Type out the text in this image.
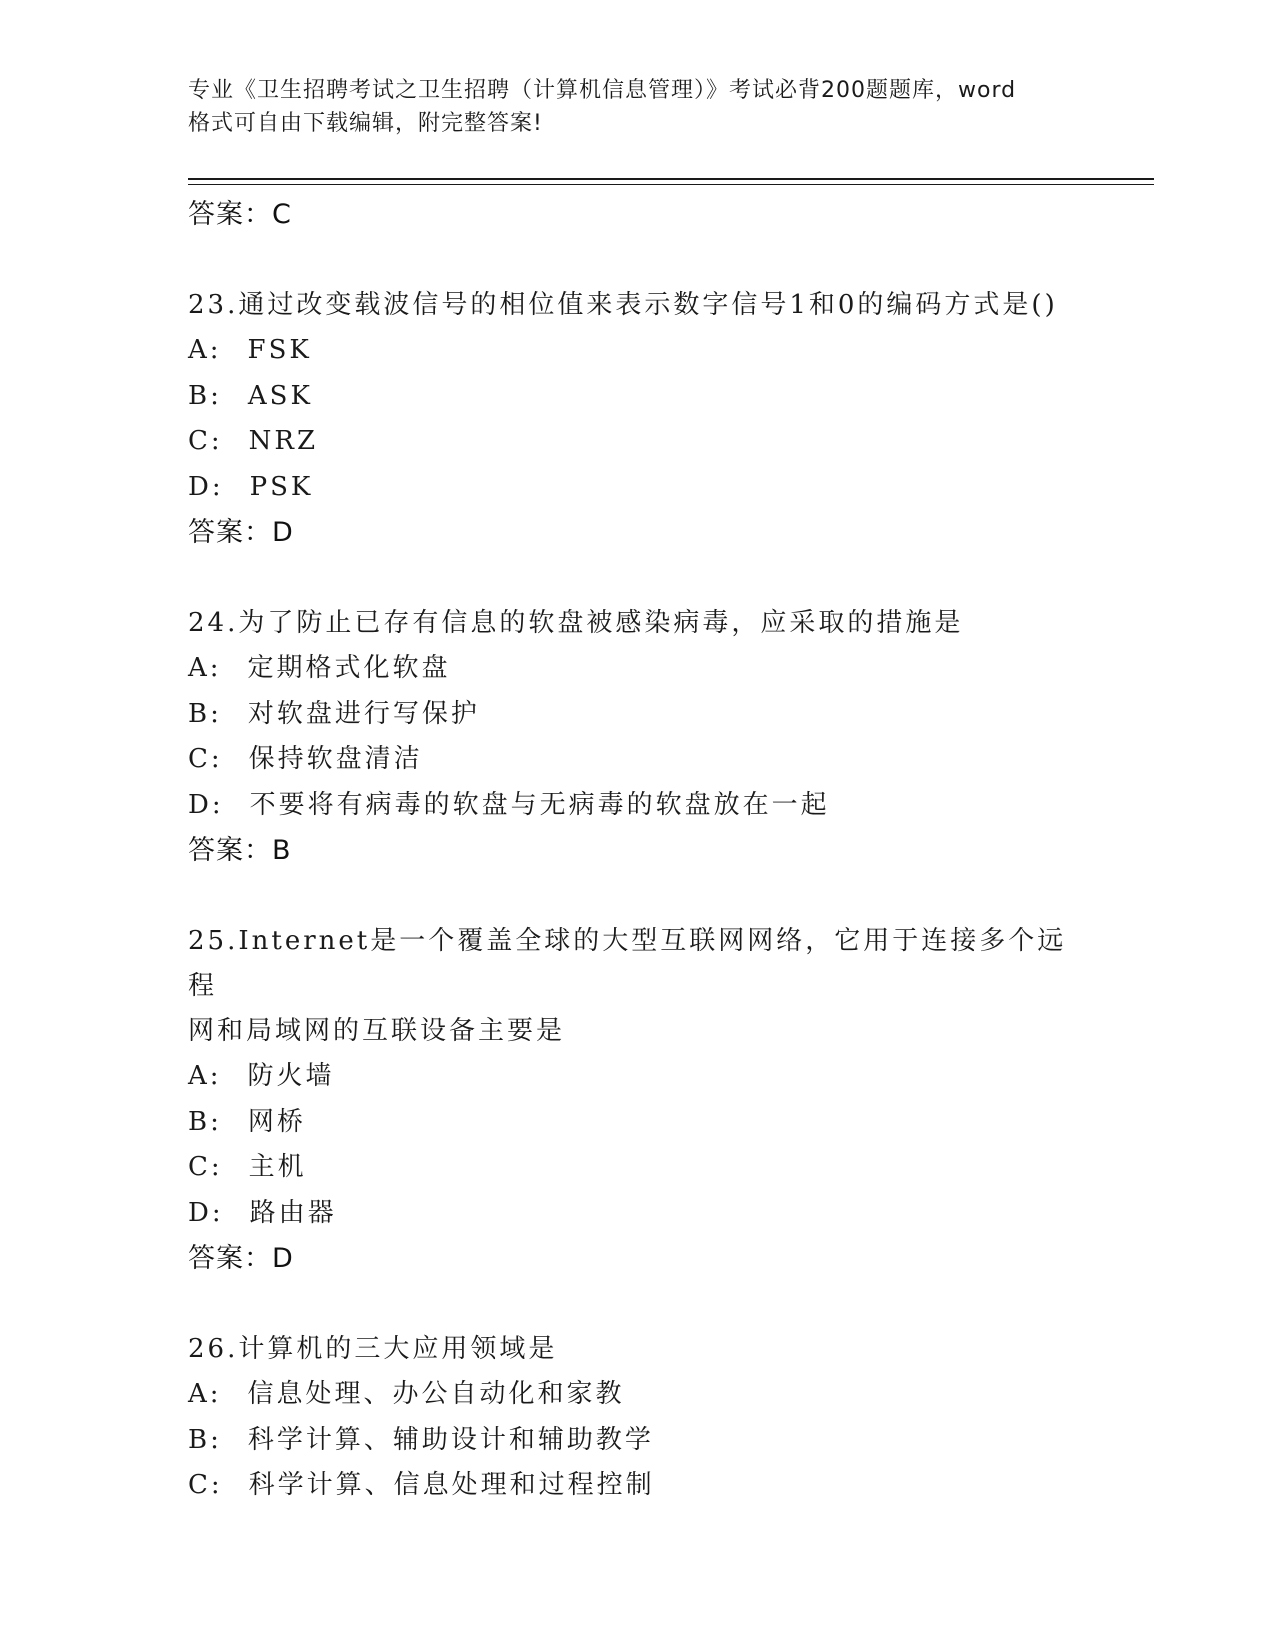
专业《卫生招聘考试之卫生招聘（计算机信息管理）》考试必背200题题库，word
格式可自由下载编辑，附完整答案!
答案：C
23.通过改变载波信号的相位值来表示数字信号1和0的编码方式是()
A: FSK
B: ASK
C: NRZ
D: PSK
答案：D
24.为了防止已存有信息的软盘被感染病毒，应采取的措施是
A: 定期格式化软盘
B: 对软盘进行写保护
C: 保持软盘清洁
D: 不要将有病毒的软盘与无病毒的软盘放在一起
答案：B
25.Internet是一个覆盖全球的大型互联网网络，它用于连接多个远程
网和局域网的互联设备主要是
A: 防火墙
B: 网桥
C: 主机
D: 路由器
答案：D
26.计算机的三大应用领域是
A: 信息处理、办公自动化和家教
B: 科学计算、辅助设计和辅助教学
C: 科学计算、信息处理和过程控制
